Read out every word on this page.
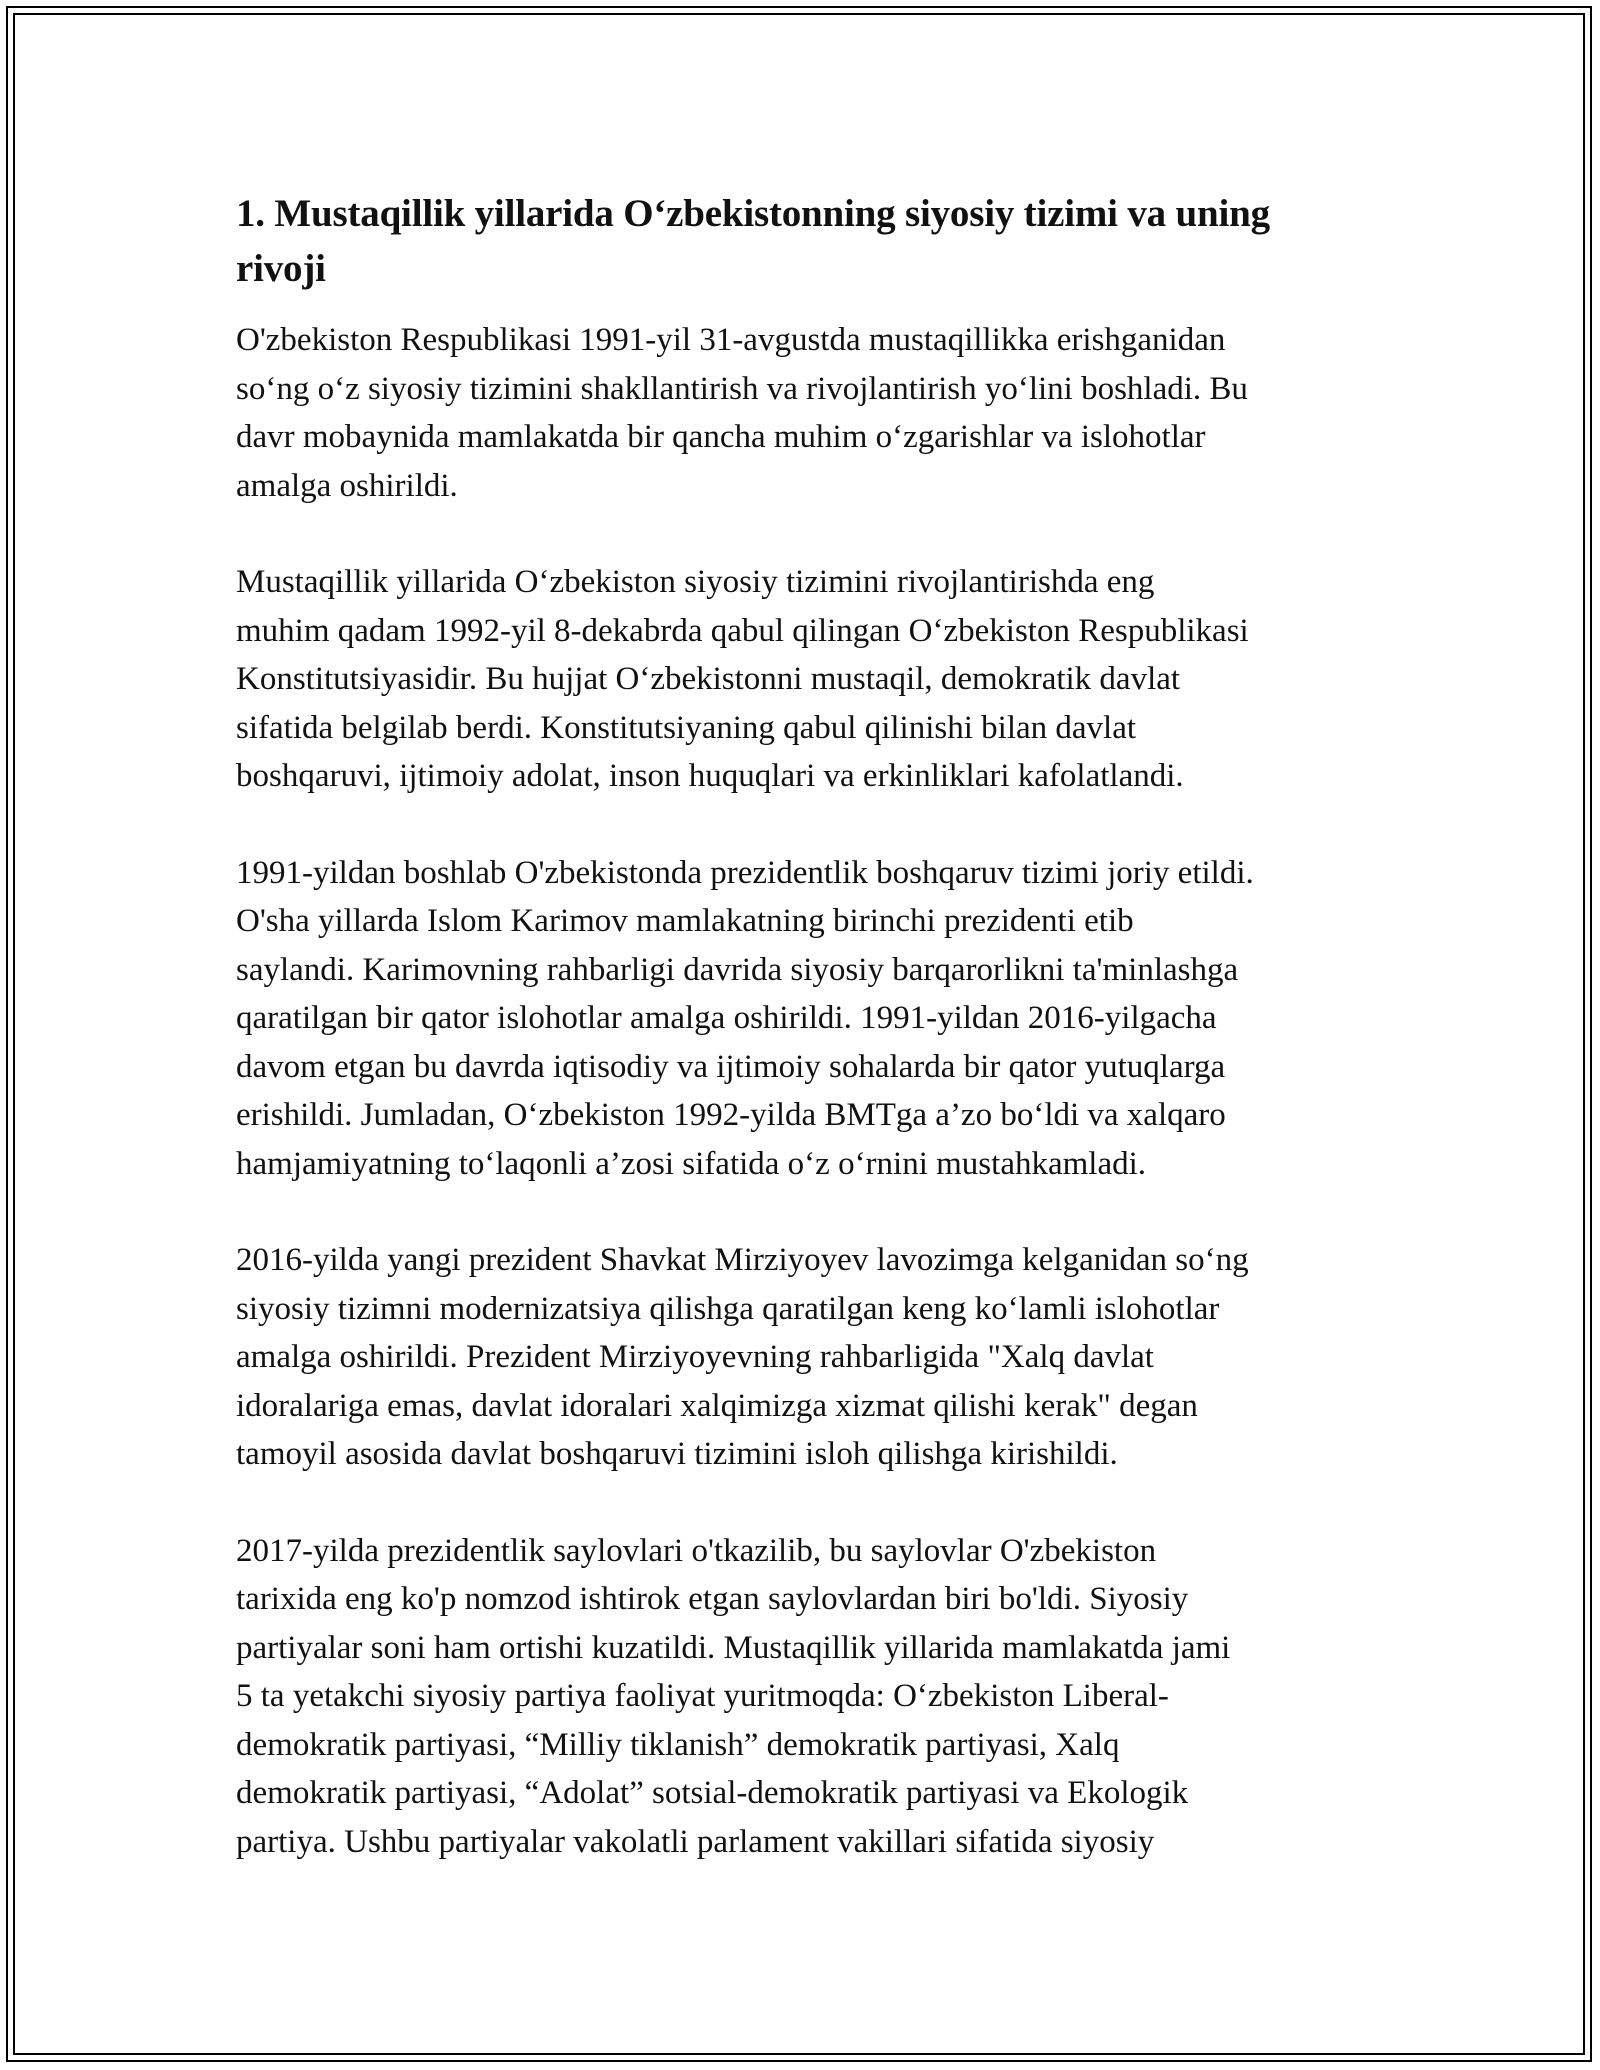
1. Mustaqillik yillarida O‘zbekistonning siyosiy tizimi va uning
rivoji

O'zbekiston Respublikasi 1991-yil 31-avgustda mustaqillikka erishganidan
so‘ng o‘z siyosiy tizimini shakllantirish va rivojlantirish yo‘lini boshladi. Bu
davr mobaynida mamlakatda bir qancha muhim o‘zgarishlar va islohotlar
amalga oshirildi.

Mustaqillik yillarida O‘zbekiston siyosiy tizimini rivojlantirishda eng
muhim qadam 1992-yil 8-dekabrda qabul qilingan O‘zbekiston Respublikasi
Konstitutsiyasidir. Bu hujjat O‘zbekistonni mustaqil, demokratik davlat
sifatida belgilab berdi. Konstitutsiyaning qabul qilinishi bilan davlat
boshqaruvi, ijtimoiy adolat, inson huquqlari va erkinliklari kafolatlandi.

1991-yildan boshlab O'zbekistonda prezidentlik boshqaruv tizimi joriy etildi.
O'sha yillarda Islom Karimov mamlakatning birinchi prezidenti etib
saylandi. Karimovning rahbarligi davrida siyosiy barqarorlikni ta'minlashga
qaratilgan bir qator islohotlar amalga oshirildi. 1991-yildan 2016-yilgacha
davom etgan bu davrda iqtisodiy va ijtimoiy sohalarda bir qator yutuqlarga
erishildi. Jumladan, O‘zbekiston 1992-yilda BMTga a’zo bo‘ldi va xalqaro
hamjamiyatning to‘laqonli a’zosi sifatida o‘z o‘rnini mustahkamladi.

2016-yilda yangi prezident Shavkat Mirziyoyev lavozimga kelganidan so‘ng
siyosiy tizimni modernizatsiya qilishga qaratilgan keng ko‘lamli islohotlar
amalga oshirildi. Prezident Mirziyoyevning rahbarligida "Xalq davlat
idoralariga emas, davlat idoralari xalqimizga xizmat qilishi kerak" degan
tamoyil asosida davlat boshqaruvi tizimini isloh qilishga kirishildi.

2017-yilda prezidentlik saylovlari o'tkazilib, bu saylovlar O'zbekiston
tarixida eng ko'p nomzod ishtirok etgan saylovlardan biri bo'ldi. Siyosiy
partiyalar soni ham ortishi kuzatildi. Mustaqillik yillarida mamlakatda jami
5 ta yetakchi siyosiy partiya faoliyat yuritmoqda: O‘zbekiston Liberal-
demokratik partiyasi, “Milliy tiklanish” demokratik partiyasi, Xalq
demokratik partiyasi, “Adolat” sotsial-demokratik partiyasi va Ekologik
partiya. Ushbu partiyalar vakolatli parlament vakillari sifatida siyosiy
